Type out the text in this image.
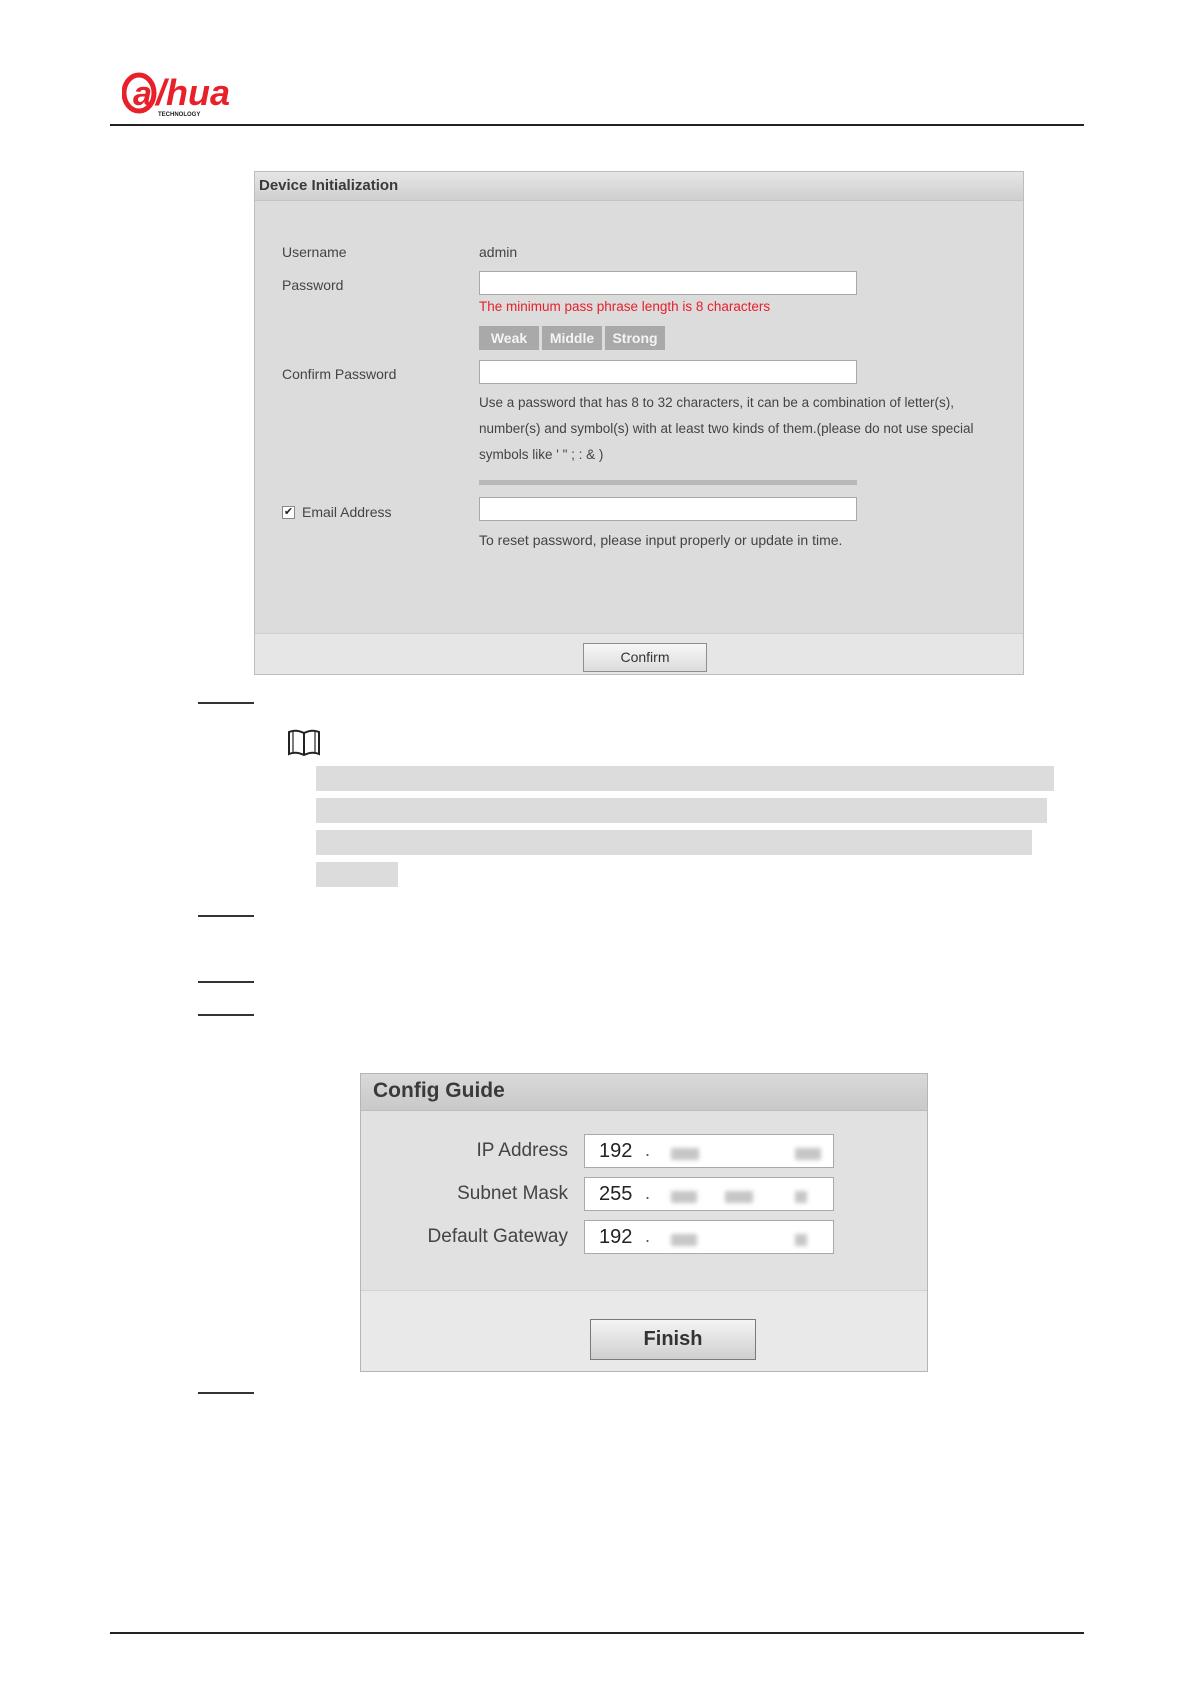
a /hua
TECHNOLOGY
Device Initialization
Username	admin
Password
The minimum pass phrase length is 8 characters
Weak	Middle	Strong
Confirm Password
Use a password that has 8 to 32 characters, it can be a combination of letter(s), number(s) and symbol(s) with at least two kinds of them.(please do not use special symbols like ' " ; : & )
✔ Email Address
To reset password, please input properly or update in time.
Confirm
Config Guide
IP Address 192 .
Subnet Mask 255 .
Default Gateway 192 .
Finish
